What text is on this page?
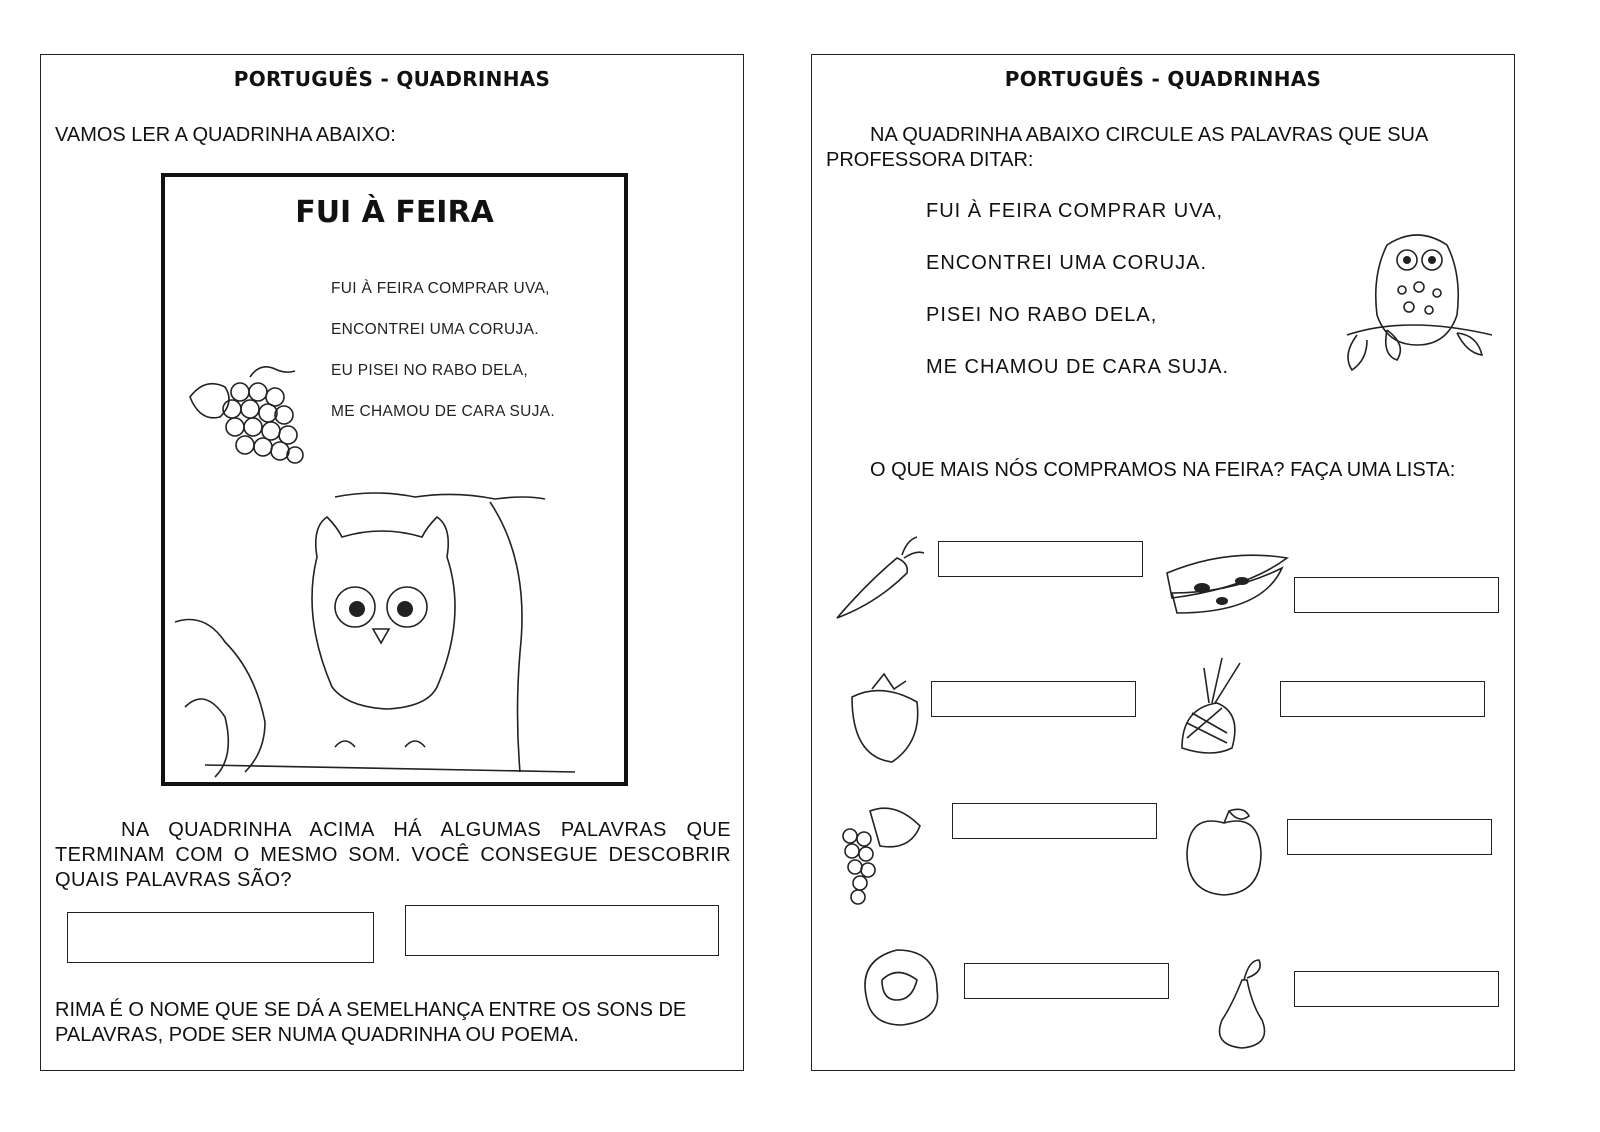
PORTUGUÊS - QUADRINHAS
VAMOS LER A QUADRINHA ABAIXO:
FUI À FEIRA
FUI À FEIRA COMPRAR UVA,
ENCONTREI UMA CORUJA.
EU PISEI NO RABO DELA,
ME CHAMOU DE CARA SUJA.
NA QUADRINHA ACIMA HÁ ALGUMAS PALAVRAS QUE TERMINAM COM O MESMO SOM. VOCÊ CONSEGUE DESCOBRIR QUAIS PALAVRAS SÃO?
RIMA É O NOME QUE SE DÁ A SEMELHANÇA ENTRE OS SONS DE PALAVRAS, PODE SER NUMA QUADRINHA OU POEMA.
PORTUGUÊS - QUADRINHAS
NA QUADRINHA ABAIXO CIRCULE AS PALAVRAS QUE SUA PROFESSORA DITAR:
FUI À FEIRA COMPRAR UVA,
ENCONTREI UMA CORUJA.
PISEI NO RABO DELA,
ME CHAMOU DE CARA SUJA.
O QUE MAIS NÓS COMPRAMOS NA FEIRA? FAÇA UMA LISTA:
